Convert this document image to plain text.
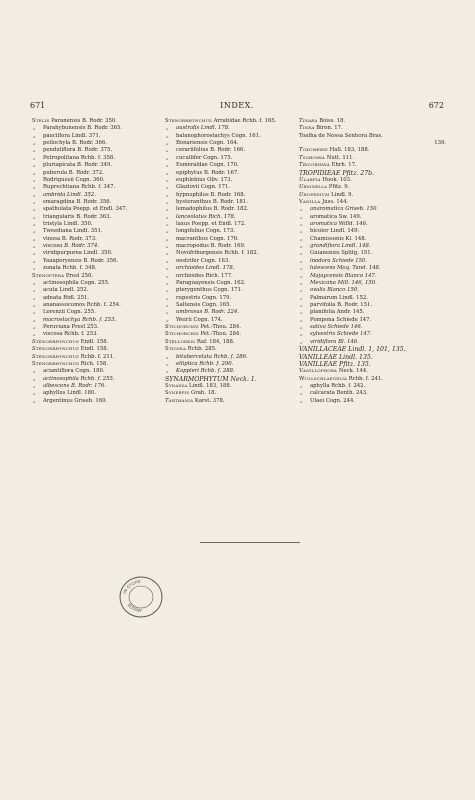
671	INDEX.	672
Stelis Paranensis B. Rodr. 350.
„ Parahybunensis B. Rodr. 365.
„ pauciflora Lindl. 371.
„ pellochyla B. Rodr. 366.
„ penduliflora B. Rodr. 375.
„ Petropolitana Rchb. f. 358.
„ pluriapicata B. Rodr. 349.
„ puberula B. Rodr. 372.
„ Rodriguesii Cogn. 360.
„ Ruprechtiana Rchb. f. 347.
„ ambrida Lindl. 352.
„ smaragdina B. Rodr. 356.
„ spathulata Poepp. et Endl. 347.
„ triangularis B. Rodr. 363.
„ tristyla Lindl. 350.
„ Tweediana Lindl. 351.
„ vinosa B. Rodr. 373.
„ viscosa B. Rodr. 374.
„ viridipurpurea Lindl. 350.
„ Yauaperyensis B. Rodr. 356.
„ zonata Rchb. f. 348.
Stenoptera Presl 250.
„ actinosophila Cogn. 255.
„ acuta Lindl. 252.
„ adnata Ridl. 251.
„ ananassocomos Rchb. f. 254.
„ Lorenzii Cogn. 255.
„ macrostachya Rchb. f. 253.
„ Peruviana Presl 253.
„ viscosa Rchb. f. 253.
Stenorrhynchus Endl. 158.
Stenorrhynchus Endl. 158.
Stenorrhynchus Rchb. f. 211.
Stenorrhynchus Rich. 158.
„ aciantiflora Cogn. 180.
„ actinosophila Rchb. f. 255.
„ albescens B. Rodr. 176.
„ aphyllus Lindl. 180.
„ Argentinus Griseb. 160.
Stenorrhynchus Arrabidae Rchb. f. 165.
„ australis Lindl. 178.
„ balanophorostachys Cogn. 161.
„ Bonariensis Cogn. 164.
„ cerariifolius B. Rodr. 166.
„ cucullifer Cogn. 175.
„ Esmeraldae Cogn. 170.
„ epiphytus B. Rodr. 167.
„ euphlebius Oliv. 173.
„ Glaziovii Cogn. 171.
„ hypnophilus B. Rodr. 168.
„ hysteranthus B. Rodr. 181.
„ lemadophilus B. Rodr. 182.
„ lanceolatus Rich. 178.
„ laxus Poepp. et Endl. 172.
„ longifolius Cogn. 173.
„ macranthus Cogn. 176.
„ macropodus B. Rodr. 169.
„ Novofriburgensis Rchb. f. 182.
„ oestrifer Cogn. 163.
„ orchioides Lindl. 178.
„ orchioides Rich. 177.
„ Paraguayensis Cogn. 162.
„ pterygenthus Cogn. 171.
„ rupestris Cogn. 179.
„ Saltensis Cogn. 165.
„ umbrosus B. Rodr. 224.
„ Weirii Cogn. 174.
Stichorchis Pet.-Thou. 284.
Stichorchis Pet.-Thou. 284.
Stellorkis Raf. 184, 188.
Stigmia Rchb. 285.
„ bitubercelata Rchb. f. 286.
„ elliptica Rchb. f. 290.
„ Kappleri Rchb. f. 288.
SYNARMOPHYTUM Neck. 1.
Synassa Lindl. 183, 188.
Synerpis Grah. 18.
Tarthania Karst. 378.
Tinaea Boiss. 18.
Tinea Biron. 17.
Toalha de Nossa Senhora Bras.
139.
Toxomeris Hall. 183, 188.
Tsoromia Nutt. 111.
Tricorhina Ehrh. 17.
TROPIDIEAE Pfitz. 27b.
Ularfia Hook. 103.
Ursinella Pfitz. 9.
Uropedium Lindl. 9.
Vanilla Juss. 144.
„ anaromatica Griseb. 150.
„ aromatica Sw. 149.
„ aromatica Willd. 146.
„ bicolor Lindl. 149.
„ Chamissonis Kl. 148.
„ grandiflora Lindl. 148.
„ Guianensis Splitg. 151.
„ inodora Schiede 150.
„ lutescens Moq. Tand. 148.
„ Majaycensis Blanco 147.
„ Mexicana Mill. 146, 150.
„ ovalis Blanco 150.
„ Palmarum Lindl. 152.
„ parvifolia B. Rodr. 151.
„ planifolia Andr. 145.
„ Pompona Schiede 147.
„ sativa Schiede 146.
„ sylvestris Schiede 147.
„ viridiflora Bl. 146.
VANILLACEAE Lindl. 1, 101, 135.
VANILLEAE Lindl. 135.
VANILLEAE Pfitz. 135.
Vanillophora Neck. 144.
Wullschlaegelia Rchb. f. 241.
„ aphylla Rchb. f. 242.
„ calcarata Benth. 243.
„ Ulaei Cogn. 244.
IN STORE
BOTANY
